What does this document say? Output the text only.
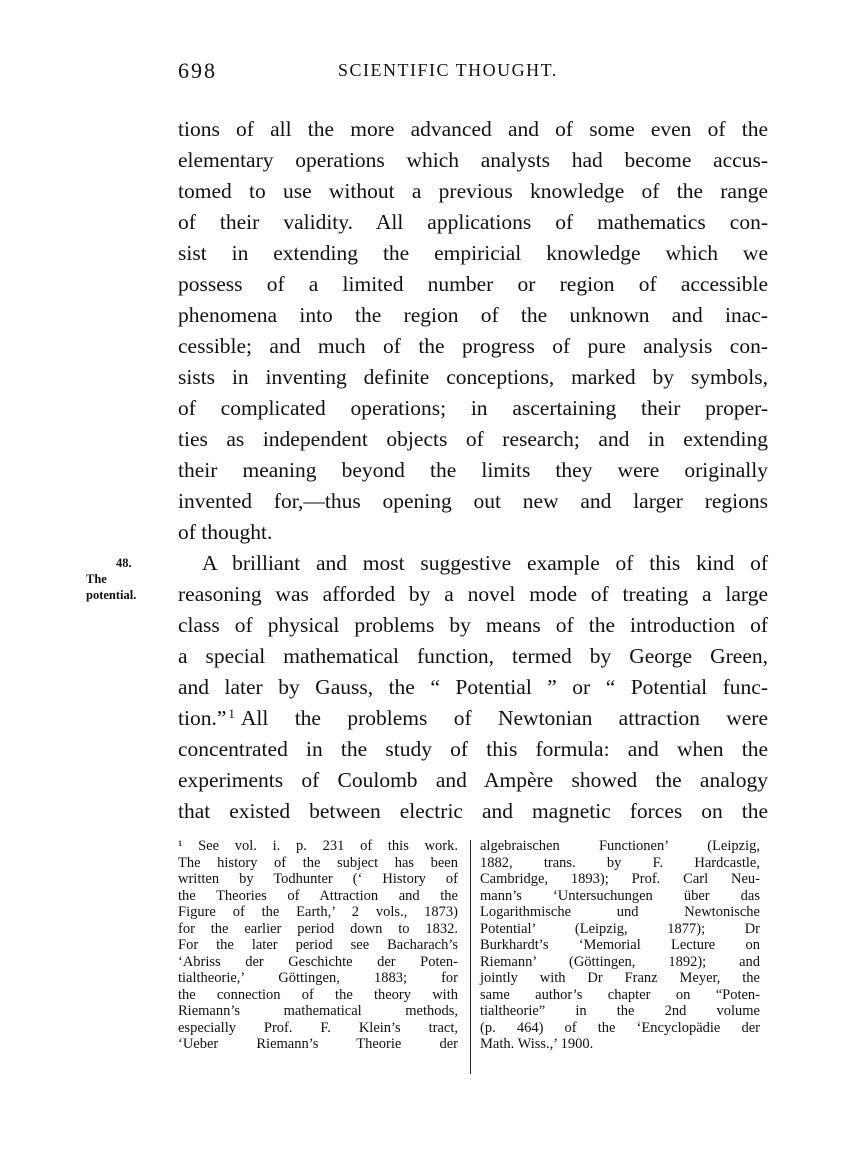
698	SCIENTIFIC THOUGHT.
48.
The
potential.
tions of all the more advanced and of some even of the
elementary operations which analysts had become accus-
tomed to use without a previous knowledge of the range
of their validity. All applications of mathematics con-
sist in extending the empiricial knowledge which we
possess of a limited number or region of accessible
phenomena into the region of the unknown and inac-
cessible; and much of the progress of pure analysis con-
sists in inventing definite conceptions, marked by symbols,
of complicated operations; in ascertaining their proper-
ties as independent objects of research; and in extending
their meaning beyond the limits they were originally
invented for,—thus opening out new and larger regions
of thought.
A brilliant and most suggestive example of this kind of
reasoning was afforded by a novel mode of treating a large
class of physical problems by means of the introduction of
a special mathematical function, termed by George Green,
and later by Gauss, the “ Potential ” or “ Potential func-
tion.” $^1$ All the problems of Newtonian attraction were
concentrated in the study of this formula: and when the
experiments of Coulomb and Ampère showed the analogy
that existed between electric and magnetic forces on the
¹ See vol. i. p. 231 of this work.
The history of the subject has been
written by Todhunter (‘ History of
the Theories of Attraction and the
Figure of the Earth,’ 2 vols., 1873)
for the earlier period down to 1832.
For the later period see Bacharach’s
‘Abriss der Geschichte der Poten-
tialtheorie,’ Göttingen, 1883; for
the connection of the theory with
Riemann’s mathematical methods,
especially Prof. F. Klein’s tract,
‘Ueber Riemann’s Theorie der
algebraischen Functionen’ (Leipzig,
1882, trans. by F. Hardcastle,
Cambridge, 1893); Prof. Carl Neu-
mann’s ‘Untersuchungen über das
Logarithmische und Newtonische
Potential’ (Leipzig, 1877); Dr
Burkhardt’s ‘Memorial Lecture on
Riemann’ (Göttingen, 1892); and
jointly with Dr Franz Meyer, the
same author’s chapter on “Poten-
tialtheorie” in the 2nd volume
(p. 464) of the ‘Encyclopädie der
Math. Wiss.,’ 1900.
